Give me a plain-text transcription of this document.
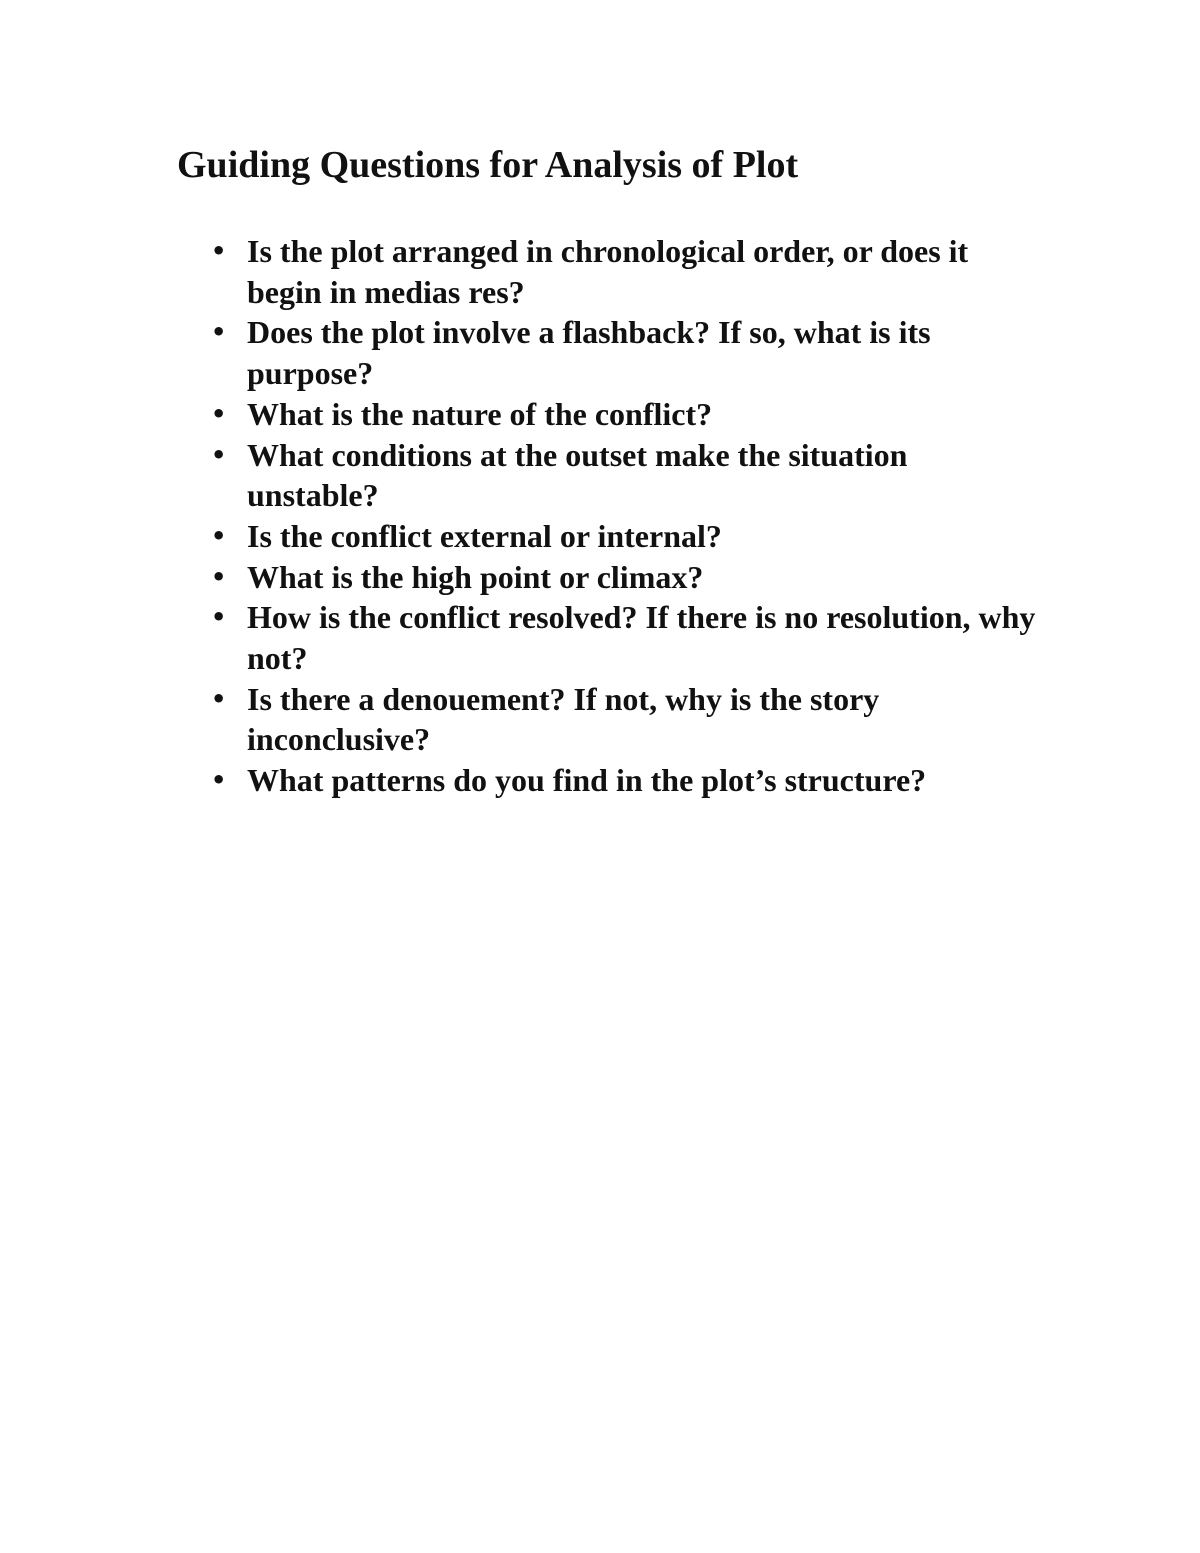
Guiding Questions for Analysis of Plot
• Is the plot arranged in chronological order, or does it begin in medias res?
• Does the plot involve a flashback? If so, what is its purpose?
• What is the nature of the conflict?
• What conditions at the outset make the situation unstable?
• Is the conflict external or internal?
• What is the high point or climax?
• How is the conflict resolved? If there is no resolution, why not?
• Is there a denouement? If not, why is the story inconclusive?
• What patterns do you find in the plot’s structure?
